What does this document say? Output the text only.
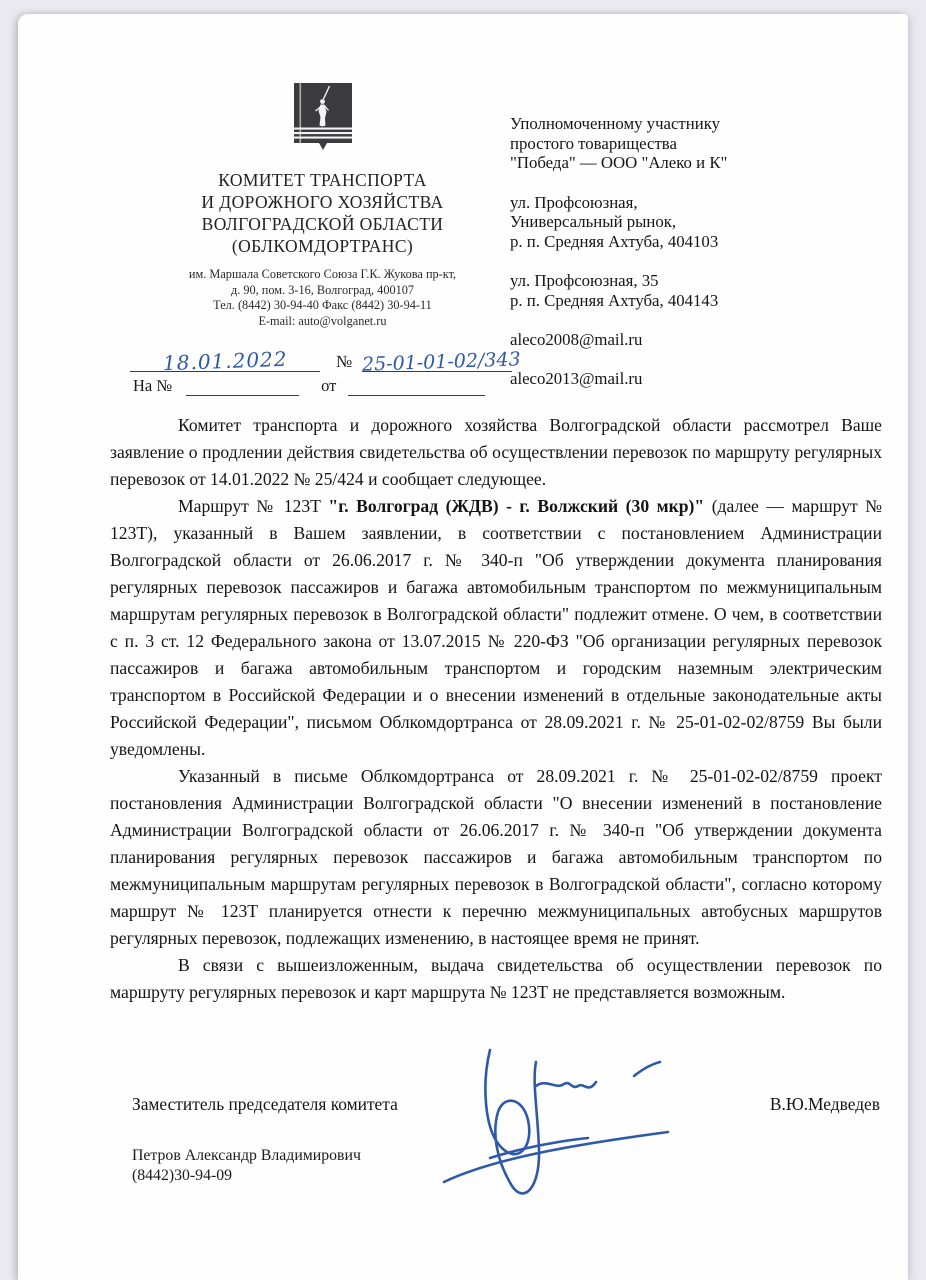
КОМИТЕТ ТРАНСПОРТА
И ДОРОЖНОГО ХОЗЯЙСТВА
ВОЛГОГРАДСКОЙ ОБЛАСТИ
(ОБЛКОМДОРТРАНС)
им. Маршала Советского Союза Г.К. Жукова пр-кт,
д. 90, пом. 3-16, Волгоград, 400107
Тел. (8442) 30-94-40 Факс (8442) 30-94-11
E-mail: auto@volganet.ru
Уполномоченному участнику
простого товарищества
"Победа" — ООО "Алеко и К"
ул. Профсоюзная,
Универсальный рынок,
р. п. Средняя Ахтуба, 404103
ул. Профсоюзная, 35
р. п. Средняя Ахтуба, 404143
aleco2008@mail.ru
aleco2013@mail.ru
18.01.2022	№ 25-01-01-02/343
На №	от

Комитет транспорта и дорожного хозяйства Волгоградской области рассмотрел Ваше заявление о продлении действия свидетельства об осуществлении перевозок по маршруту регулярных перевозок от 14.01.2022 № 25/424 и сообщает следующее.

Маршрут № 123Т "г. Волгоград (ЖДВ) - г. Волжский (30 мкр)" (далее — маршрут № 123Т), указанный в Вашем заявлении, в соответствии с постановлением Администрации Волгоградской области от 26.06.2017 г. № 340-п "Об утверждении документа планирования регулярных перевозок пассажиров и багажа автомобильным транспортом по межмуниципальным маршрутам регулярных перевозок в Волгоградской области" подлежит отмене. О чем, в соответствии с п. 3 ст. 12 Федерального закона от 13.07.2015 № 220-ФЗ "Об организации регулярных перевозок пассажиров и багажа автомобильным транспортом и городским наземным электрическим транспортом в Российской Федерации и о внесении изменений в отдельные законодательные акты Российской Федерации", письмом Облкомдортранса от 28.09.2021 г. № 25-01-02-02/8759 Вы были уведомлены.

Указанный в письме Облкомдортранса от 28.09.2021 г. № 25-01-02-02/8759 проект постановления Администрации Волгоградской области "О внесении изменений в постановление Администрации Волгоградской области от 26.06.2017 г. № 340-п "Об утверждении документа планирования регулярных перевозок пассажиров и багажа автомобильным транспортом по межмуниципальным маршрутам регулярных перевозок в Волгоградской области", согласно которому маршрут № 123Т планируется отнести к перечню межмуниципальных автобусных маршрутов регулярных перевозок, подлежащих изменению, в настоящее время не принят.

В связи с вышеизложенным, выдача свидетельства об осуществлении перевозок по маршруту регулярных перевозок и карт маршрута № 123Т не представляется возможным.

Заместитель председателя комитета	В.Ю.Медведев
Петров Александр Владимирович
(8442)30-94-09
